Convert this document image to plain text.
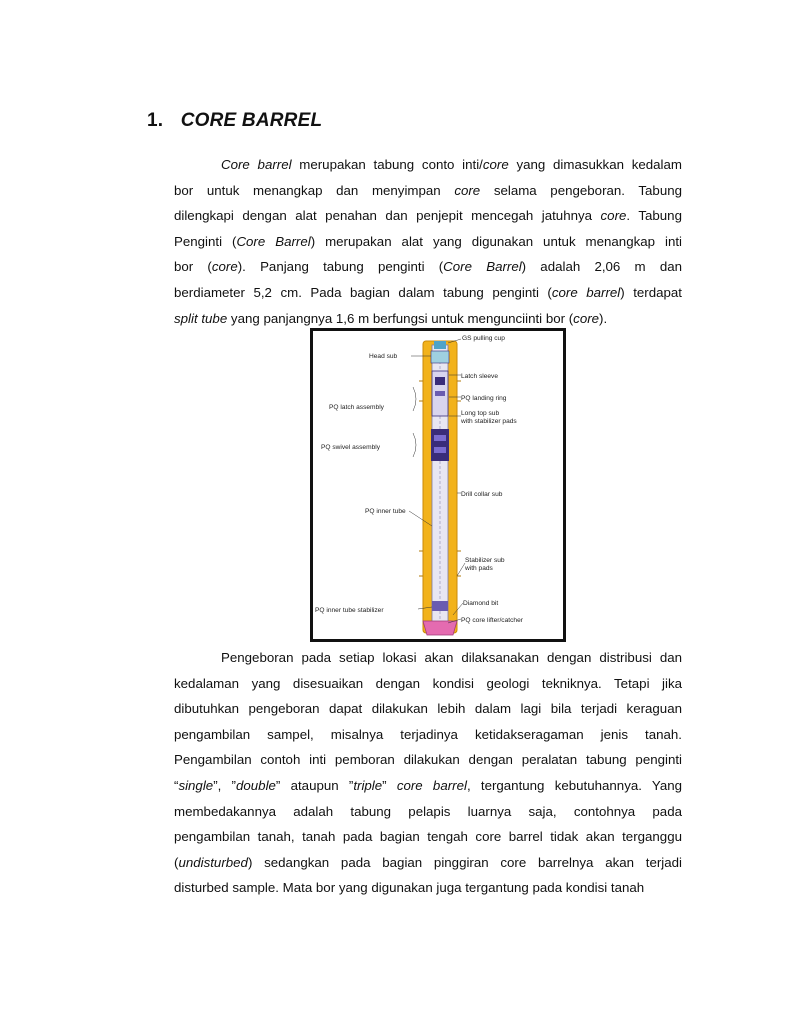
1. CORE BARREL
Core barrel merupakan tabung conto inti/core yang dimasukkan kedalam
bor untuk menangkap dan menyimpan core selama pengeboran. Tabung
dilengkapi dengan alat penahan dan penjepit mencegah jatuhnya core. Tabung
Penginti (Core Barrel) merupakan alat yang digunakan untuk menangkap inti
bor (core). Panjang tabung penginti (Core Barrel) adalah 2,06 m dan
berdiameter 5,2 cm. Pada bagian dalam tabung penginti (core barrel) terdapat
split tube yang panjangnya 1,6 m berfungsi untuk mengunciinti bor (core).
GS pulling cup
Head sub
Latch sleeve
PQ landing ring
PQ latch assembly
Long top sub
with stabilizer pads
PQ swivel assembly
Drill collar sub
PQ inner tube
Stabilizer sub
with pads
Diamond bit
PQ inner tube stabilizer
PQ core lifter/catcher
Pengeboran pada setiap lokasi akan dilaksanakan dengan distribusi dan
kedalaman yang disesuaikan dengan kondisi geologi tekniknya. Tetapi jika
dibutuhkan pengeboran dapat dilakukan lebih dalam lagi bila terjadi keraguan
pengambilan sampel, misalnya terjadinya ketidakseragaman jenis tanah.
Pengambilan contoh inti pemboran dilakukan dengan peralatan tabung penginti
“single”, ”double” ataupun ”triple” core barrel, tergantung kebutuhannya. Yang
membedakannya adalah tabung pelapis luarnya saja, contohnya pada
pengambilan tanah, tanah pada bagian tengah core barrel tidak akan terganggu
(undisturbed) sedangkan pada bagian pinggiran core barrelnya akan terjadi
disturbed sample. Mata bor yang digunakan juga tergantung pada kondisi tanah
